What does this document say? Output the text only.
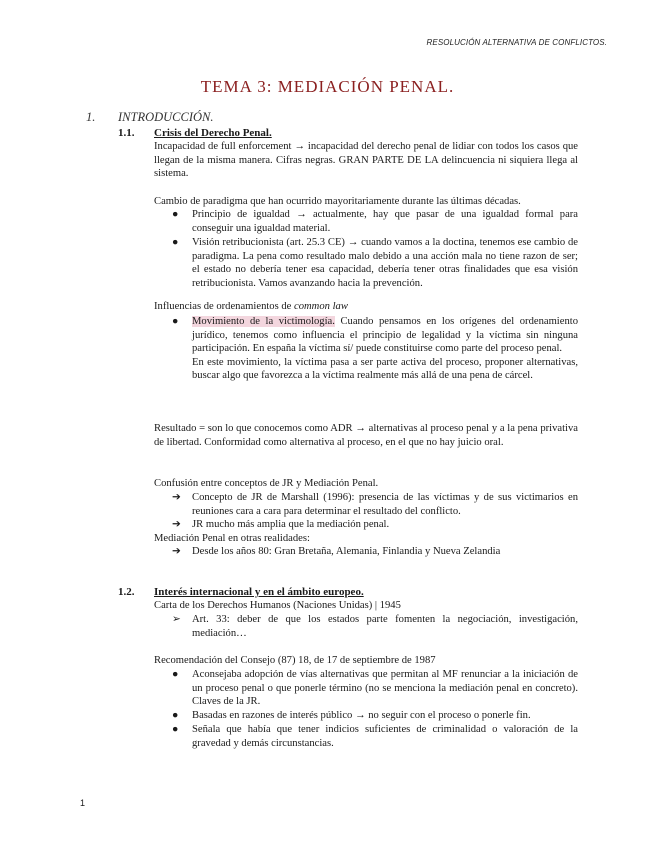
RESOLUCIÓN ALTERNATIVA DE CONFLICTOS.
TEMA 3: MEDIACIÓN PENAL.
1. INTRODUCCIÓN.
1.1. Crisis del Derecho Penal.

Incapacidad de full enforcement → incapacidad del derecho penal de lidiar con todos los casos que llegan de la misma manera. Cifras negras. GRAN PARTE DE LA delincuencia ni siquiera llega al sistema.

Cambio de paradigma que han ocurrido mayoritariamente durante las últimas décadas.

● Principio de igualdad → actualmente, hay que pasar de una igualdad formal para conseguir una igualdad material.
● Visión retribucionista (art. 25.3 CE) → cuando vamos a la doctina, tenemos ese cambio de paradigma. La pena como resultado malo debido a una acción mala no tiene razon de ser; el estado no debería tener esa capacidad, debería tener otras finalidades que esa visión retribucionista. Vamos avanzando hacia la prevención.

Influencias de ordenamientos de common law

● Movimiento de la victimología. Cuando pensamos en los orígenes del ordenamiento jurídico, tenemos como influencia el principio de legalidad y la víctima sin ninguna participación. En españa la víctima sí/ puede constituirse como parte del proceso penal.
En este movimiento, la víctima pasa a ser parte activa del proceso, proponer alternativas, buscar algo que favorezca a la víctima realmente más allá de una pena de cárcel.

Resultado = son lo que conocemos como ADR → alternativas al proceso penal y a la pena privativa de libertad. Conformidad como alternativa al proceso, en el que no hay juicio oral.

Confusión entre conceptos de JR y Mediación Penal.

➔ Concepto de JR de Marshall (1996): presencia de las víctimas y de sus victimarios en reuniones cara a cara para determinar el resultado del conflicto.
➔ JR mucho más amplia que la mediación penal.

Mediación Penal en otras realidades:

➔ Desde los años 80: Gran Bretaña, Alemania, Finlandia y Nueva Zelandia
1.2. Interés internacional y en el ámbito europeo.

Carta de los Derechos Humanos (Naciones Unidas) | 1945

➢ Art. 33: deber de que los estados parte fomenten la negociación, investigación, mediación…

Recomendación del Consejo (87) 18, de 17 de septiembre de 1987

● Aconsejaba adopción de vías alternativas que permitan al MF renunciar a la iniciación de un proceso penal o que ponerle término (no se menciona la mediación penal en concreto). Claves de la JR.
● Basadas en razones de interés público → no seguir con el proceso o ponerle fin.
● Señala que había que tener indicios suficientes de criminalidad o valoración de la gravedad y demás circunstancias.
1
